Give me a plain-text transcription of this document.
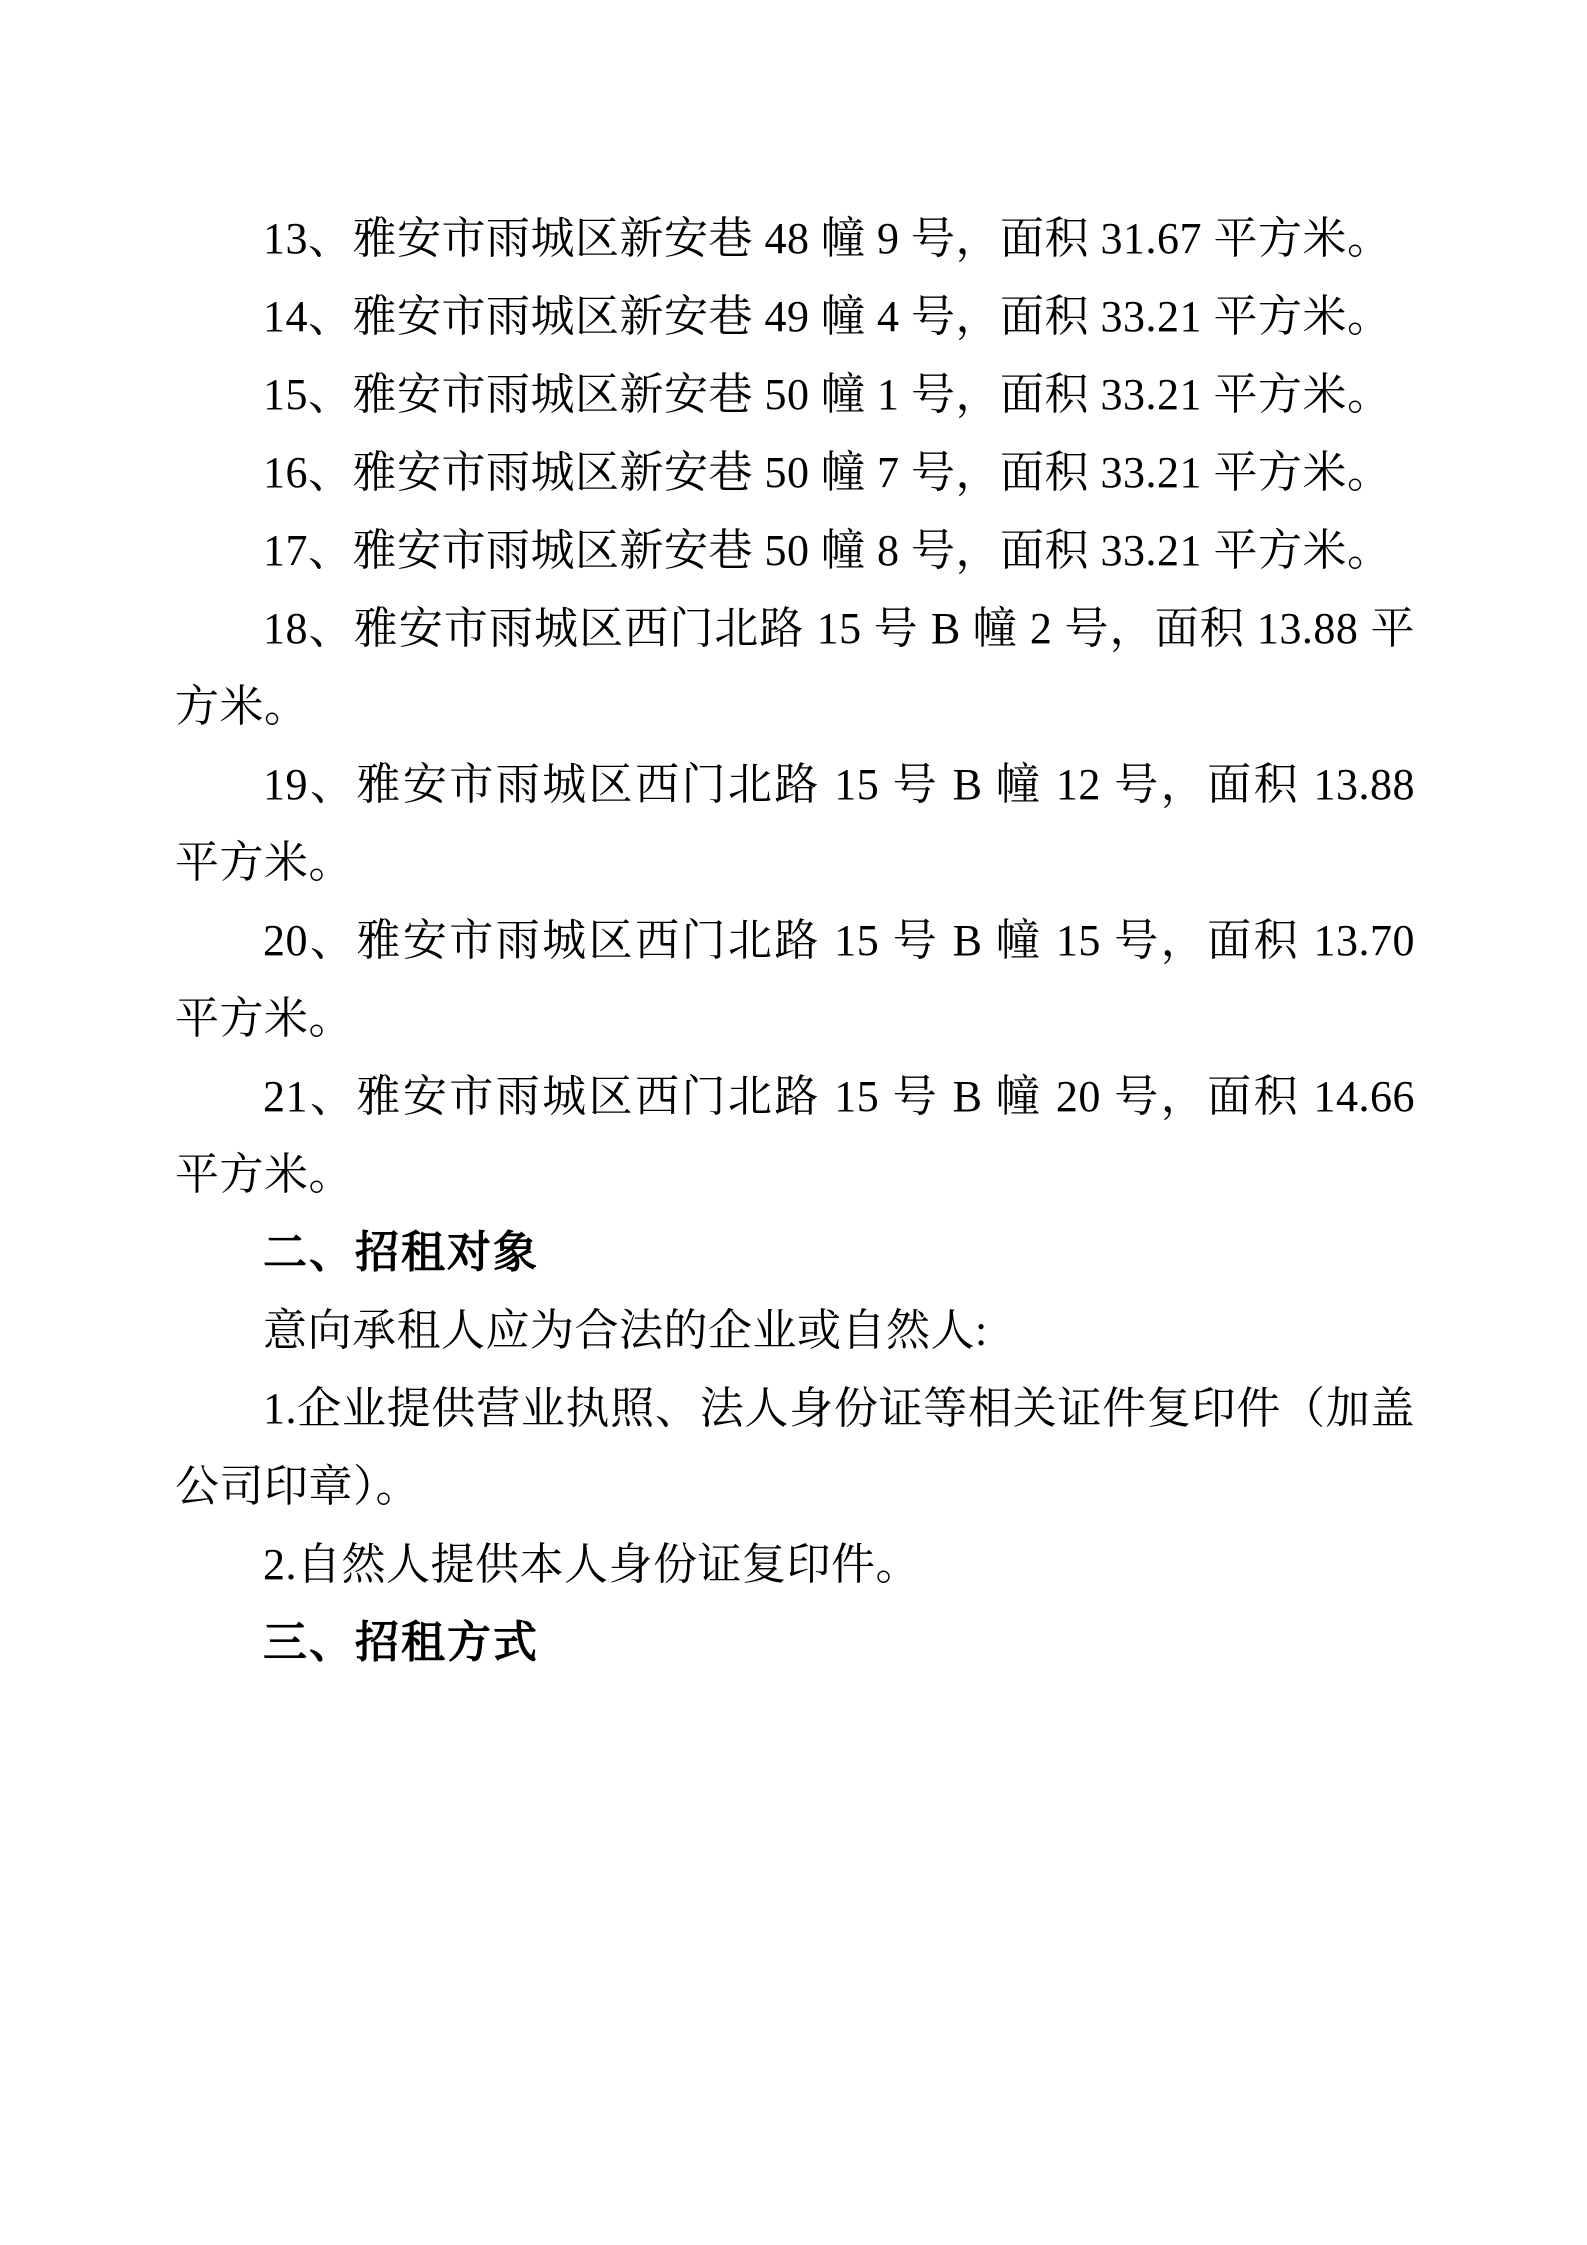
13、雅安市雨城区新安巷 48 幢 9 号，面积 31.67 平方米。

14、雅安市雨城区新安巷 49 幢 4 号，面积 33.21 平方米。

15、雅安市雨城区新安巷 50 幢 1 号，面积 33.21 平方米。

16、雅安市雨城区新安巷 50 幢 7 号，面积 33.21 平方米。

17、雅安市雨城区新安巷 50 幢 8 号，面积 33.21 平方米。

18、雅安市雨城区西门北路 15 号 B 幢 2 号，面积 13.88 平方米。

19、雅安市雨城区西门北路 15 号 B 幢 12 号，面积 13.88 平方米。

20、雅安市雨城区西门北路 15 号 B 幢 15 号，面积 13.70 平方米。

21、雅安市雨城区西门北路 15 号 B 幢 20 号，面积 14.66 平方米。

二、招租对象

意向承租人应为合法的企业或自然人:

1.企业提供营业执照、法人身份证等相关证件复印件（加盖公司印章）。

2.自然人提供本人身份证复印件。

三、招租方式
